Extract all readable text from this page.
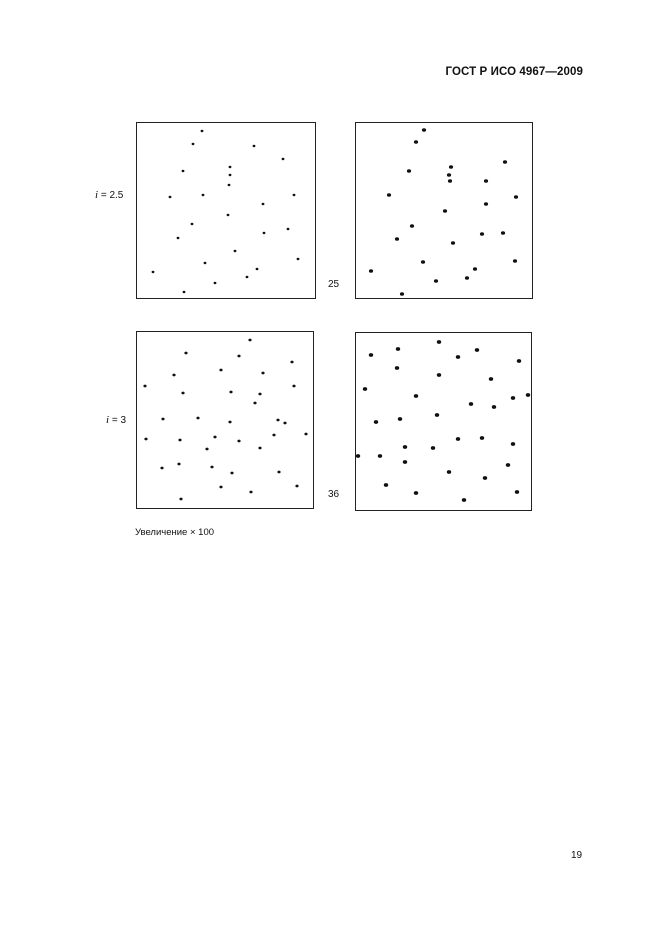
ГОСТ Р ИСО 4967—2009
i = 2.5
25
i = 3
36
Увеличение × 100
19
